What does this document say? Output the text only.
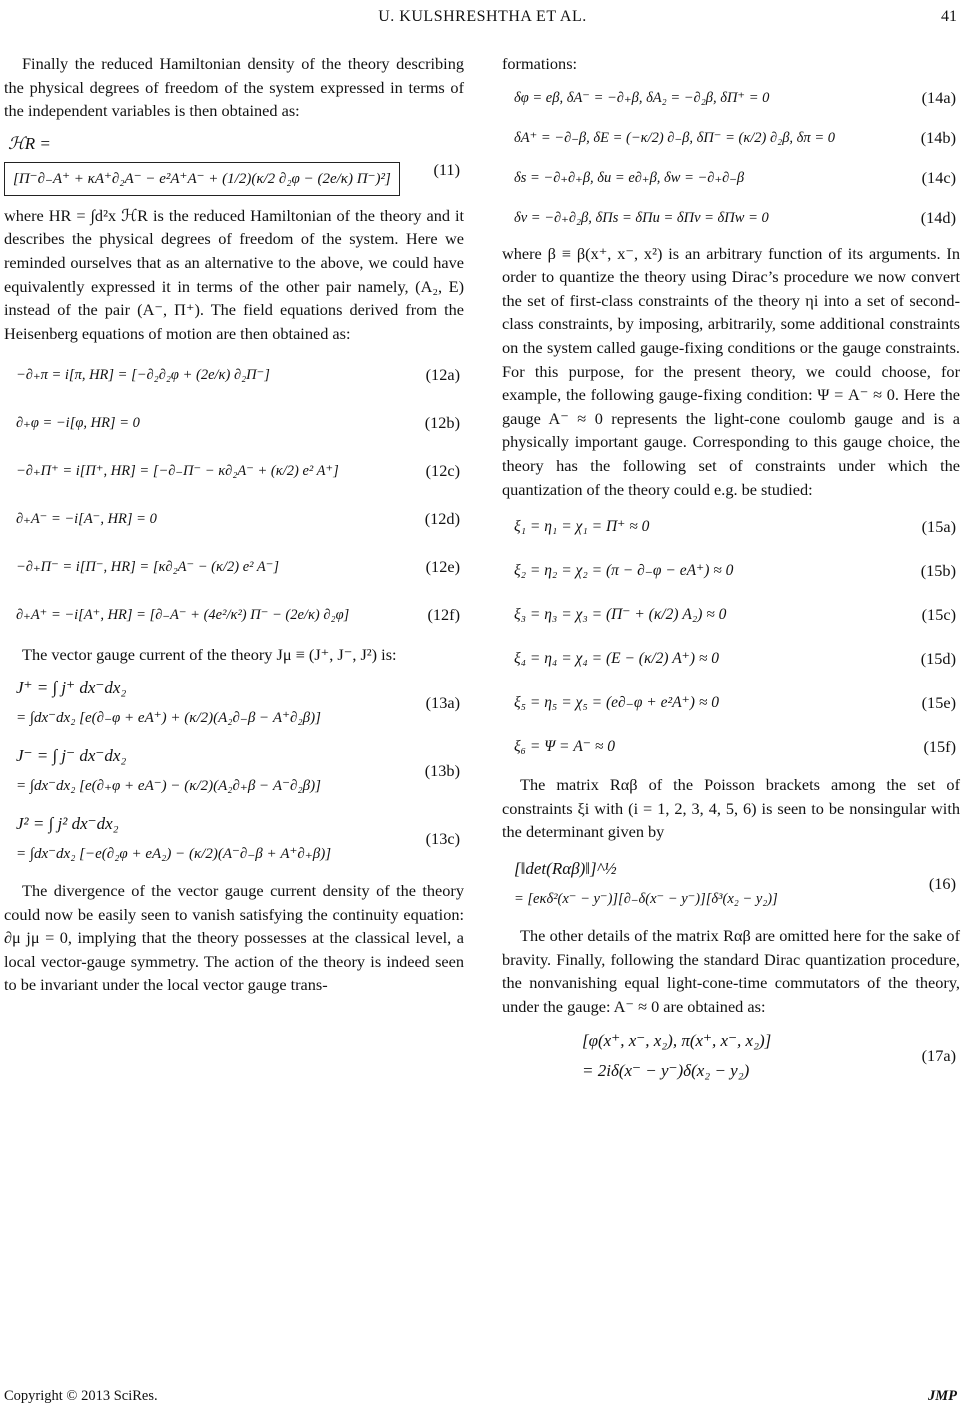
U. KULSHRESHTHA ET AL.	41

Finally the reduced Hamiltonian density of the theory describing the physical degrees of freedom of the system expressed in terms of the independent variables is then obtained as:

ℋR =
[Π⁻∂₋A⁺ + κA⁺∂₂A⁻ − e²A⁺A⁻ + (1/2)(κ/2 ∂₂φ − (2e/κ) Π⁻)²]
(11)

where HR = ∫d²x ℋR is the reduced Hamiltonian of the theory and it describes the physical degrees of freedom of the system. Here we reminded ourselves that as an alternative to the above, we could have equivalently expressed it in terms of the other pair namely, (A₂, E) instead of the pair (A⁻, Π⁺). The field equations derived from the Heisenberg equations of motion are then obtained as:

−∂₊π = i[π, HR] = [−∂₂∂₂φ + (2e/κ) ∂₂Π⁻]	(12a)
∂₊φ = −i[φ, HR] = 0	(12b)
−∂₊Π⁺ = i[Π⁺, HR] = [−∂₋Π⁻ − κ∂₂A⁻ + (κ/2) e² A⁺]	(12c)
∂₊A⁻ = −i[A⁻, HR] = 0	(12d)
−∂₊Π⁻ = i[Π⁻, HR] = [κ∂₂A⁻ − (κ/2) e² A⁻]	(12e)
∂₊A⁺ = −i[A⁺, HR] = [∂₋A⁻ + (4e²/κ²) Π⁻ − (2e/κ) ∂₂φ]	(12f)

The vector gauge current of the theory Jμ ≡ (J⁺, J⁻, J²) is:

J⁺ = ∫ j⁺ dx⁻dx₂
= ∫dx⁻dx₂ [e(∂₋φ + eA⁺) + (κ/2)(A₂∂₋β − A⁺∂₂β)]
(13a)
J⁻ = ∫ j⁻ dx⁻dx₂
= ∫dx⁻dx₂ [e(∂₊φ + eA⁻) − (κ/2)(A₂∂₊β − A⁻∂₂β)]
(13b)
J² = ∫ j² dx⁻dx₂
= ∫dx⁻dx₂ [−e(∂₂φ + eA₂) − (κ/2)(A⁻∂₋β + A⁺∂₊β)]
(13c)

The divergence of the vector gauge current density of the theory could now be easily seen to vanish satisfying the continuity equation: ∂μ jμ = 0, implying that the theory possesses at the classical level, a local vector-gauge symmetry. The action of the theory is indeed seen to be invariant under the local vector gauge trans-

formations:

δφ = eβ, δA⁻ = −∂₊β, δA₂ = −∂₂β, δΠ⁺ = 0	(14a)
δA⁺ = −∂₋β, δE = (−κ/2) ∂₋β, δΠ⁻ = (κ/2) ∂₂β, δπ = 0	(14b)
δs = −∂₊∂₊β, δu = e∂₊β, δw = −∂₊∂₋β	(14c)
δv = −∂₊∂₂β, δΠs = δΠu = δΠv = δΠw = 0	(14d)

where β ≡ β(x⁺, x⁻, x²) is an arbitrary function of its arguments. In order to quantize the theory using Dirac’s procedure we now convert the set of first-class constraints of the theory ηi into a set of second-class constraints, by imposing, arbitrarily, some additional constraints on the system called gauge-fixing conditions or the gauge constraints. For this purpose, for the present theory, we could choose, for example, the following gauge-fixing condition: Ψ = A⁻ ≈ 0. Here the gauge A⁻ ≈ 0 represents the light-cone coulomb gauge and is a physically important gauge. Corresponding to this gauge choice, the theory has the following set of constraints under which the quantization of the theory could e.g. be studied:

ξ₁ = η₁ = χ₁ = Π⁺ ≈ 0	(15a)
ξ₂ = η₂ = χ₂ = (π − ∂₋φ − eA⁺) ≈ 0	(15b)
ξ₃ = η₃ = χ₃ = (Π⁻ + (κ/2) A₂) ≈ 0	(15c)
ξ₄ = η₄ = χ₄ = (E − (κ/2) A⁺) ≈ 0	(15d)
ξ₅ = η₅ = χ₅ = (e∂₋φ + e²A⁺) ≈ 0	(15e)
ξ₆ = Ψ = A⁻ ≈ 0	(15f)

The matrix Rαβ of the Poisson brackets among the set of constraints ξi with (i = 1, 2, 3, 4, 5, 6) is seen to be nonsingular with the determinant given by

[‖det(Rαβ)‖]^½
= [eκδ²(x⁻ − y⁻)][∂₋δ(x⁻ − y⁻)][δ³(x₂ − y₂)]
(16)

The other details of the matrix Rαβ are omitted here for the sake of bravity. Finally, following the standard Dirac quantization procedure, the nonvanishing equal light-cone-time commutators of the theory, under the gauge: A⁻ ≈ 0 are obtained as:

[φ(x⁺, x⁻, x₂), π(x⁺, x⁻, x₂)]
= 2iδ(x⁻ − y⁻)δ(x₂ − y₂)
(17a)
Copyright © 2013 SciRes.	JMP
